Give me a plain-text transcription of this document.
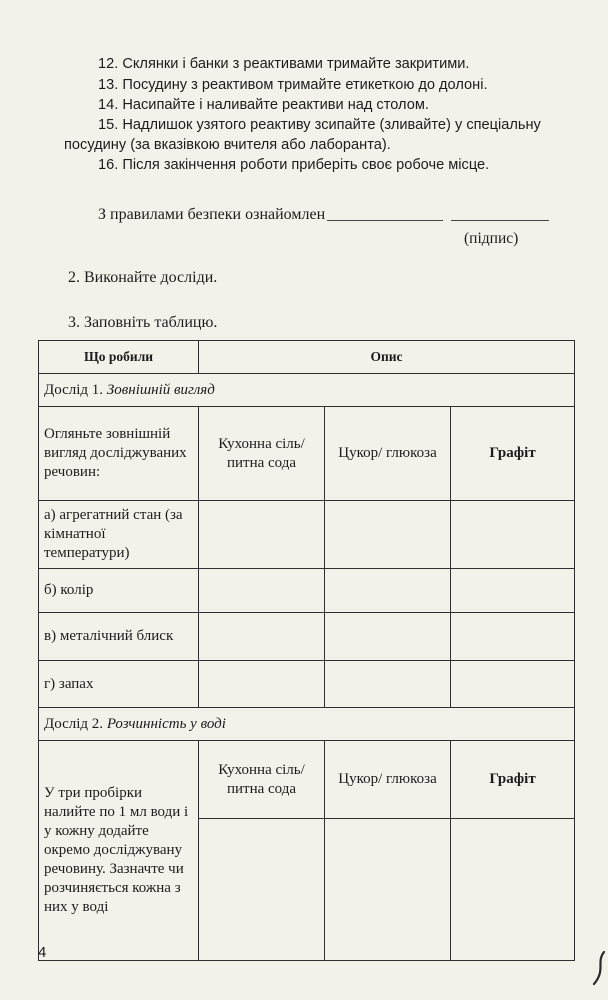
12. Склянки і банки з реактивами тримайте закритими.

13. Посудину з реактивом тримайте етикеткою до долоні.

14. Насипайте і наливайте реактиви над столом.

15. Надлишок узятого реактиву зсипайте (зливайте) у спеціальну посудину (за вказівкою вчителя або лаборанта).

16. Після закінчення роботи приберіть своє робоче місце.

З правилами безпеки ознайомлен
(підпис)
2. Виконайте досліди.
3. Заповніть таблицю.
Що робили	Опис		
Дослід 1. Зовнішній вигляд			
Огляньте зовнішній вигляд досліджуваних речовин:	Кухонна сіль/питна сода	Цукор/ глюкоза	Графіт
а) агрегатний стан (за кімнатної температури)			
б) колір			
в) металічний блиск			
г) запах			
Дослід 2. Розчинність у воді			
У три пробірки налийте по 1 мл води і у кожну додайте окремо досліджувану речовину. Зазначте чи розчиняється кожна з них у воді	Кухонна сіль/питна сода	Цукор/ глюкоза	Графіт

4
